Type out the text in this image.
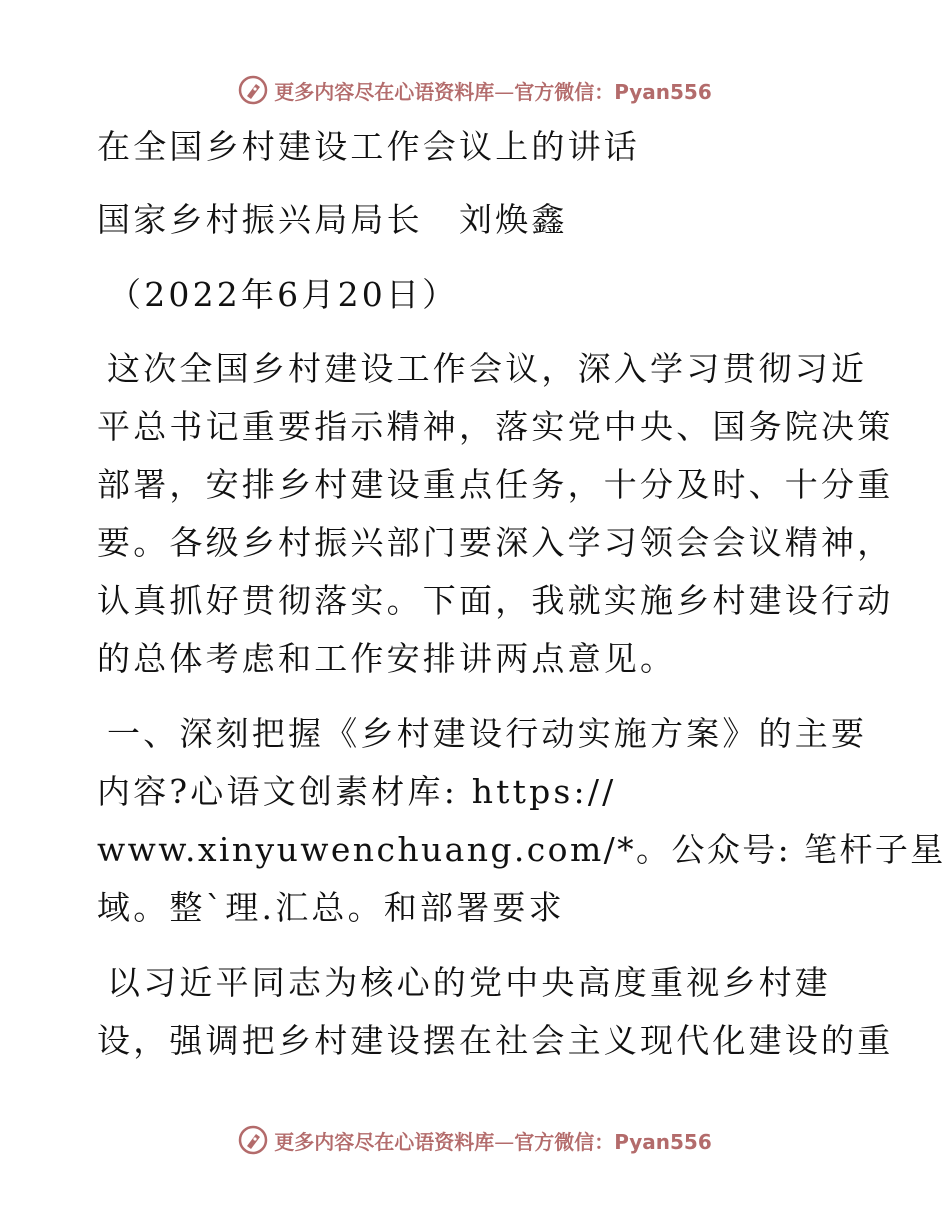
更多内容尽在心语资料库—官方微信：Pyan556
在全国乡村建设工作会议上的讲话
国家乡村振兴局局长　刘焕鑫
（2022年6月20日）
这次全国乡村建设工作会议，深入学习贯彻习近
平总书记重要指示精神，落实党中央、国务院决策
部署，安排乡村建设重点任务，十分及时、十分重
要。各级乡村振兴部门要深入学习领会会议精神，
认真抓好贯彻落实。下面，我就实施乡村建设行动
的总体考虑和工作安排讲两点意见。
一、深刻把握《乡村建设行动实施方案》的主要
内容?心语文创素材库: https://
www.xinyuwenchuang.com/*。公众号: 笔杆子星
域。整`理.汇总。和部署要求
以习近平同志为核心的党中央高度重视乡村建
设，强调把乡村建设摆在社会主义现代化建设的重
更多内容尽在心语资料库—官方微信：Pyan556
